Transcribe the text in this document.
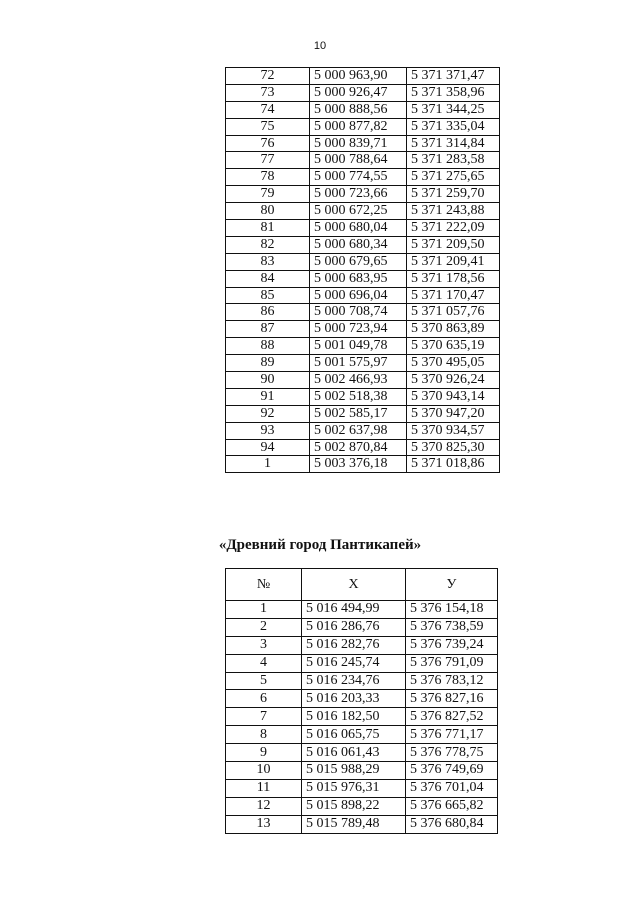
10
72	5 000 963,90	5 371 371,47
73	5 000 926,47	5 371 358,96
74	5 000 888,56	5 371 344,25
75	5 000 877,82	5 371 335,04
76	5 000 839,71	5 371 314,84
77	5 000 788,64	5 371 283,58
78	5 000 774,55	5 371 275,65
79	5 000 723,66	5 371 259,70
80	5 000 672,25	5 371 243,88
81	5 000 680,04	5 371 222,09
82	5 000 680,34	5 371 209,50
83	5 000 679,65	5 371 209,41
84	5 000 683,95	5 371 178,56
85	5 000 696,04	5 371 170,47
86	5 000 708,74	5 371 057,76
87	5 000 723,94	5 370 863,89
88	5 001 049,78	5 370 635,19
89	5 001 575,97	5 370 495,05
90	5 002 466,93	5 370 926,24
91	5 002 518,38	5 370 943,14
92	5 002 585,17	5 370 947,20
93	5 002 637,98	5 370 934,57
94	5 002 870,84	5 370 825,30
1	5 003 376,18	5 371 018,86
«Древний город Пантикапей»
№	Х	У
1	5 016 494,99	5 376 154,18
2	5 016 286,76	5 376 738,59
3	5 016 282,76	5 376 739,24
4	5 016 245,74	5 376 791,09
5	5 016 234,76	5 376 783,12
6	5 016 203,33	5 376 827,16
7	5 016 182,50	5 376 827,52
8	5 016 065,75	5 376 771,17
9	5 016 061,43	5 376 778,75
10	5 015 988,29	5 376 749,69
11	5 015 976,31	5 376 701,04
12	5 015 898,22	5 376 665,82
13	5 015 789,48	5 376 680,84
